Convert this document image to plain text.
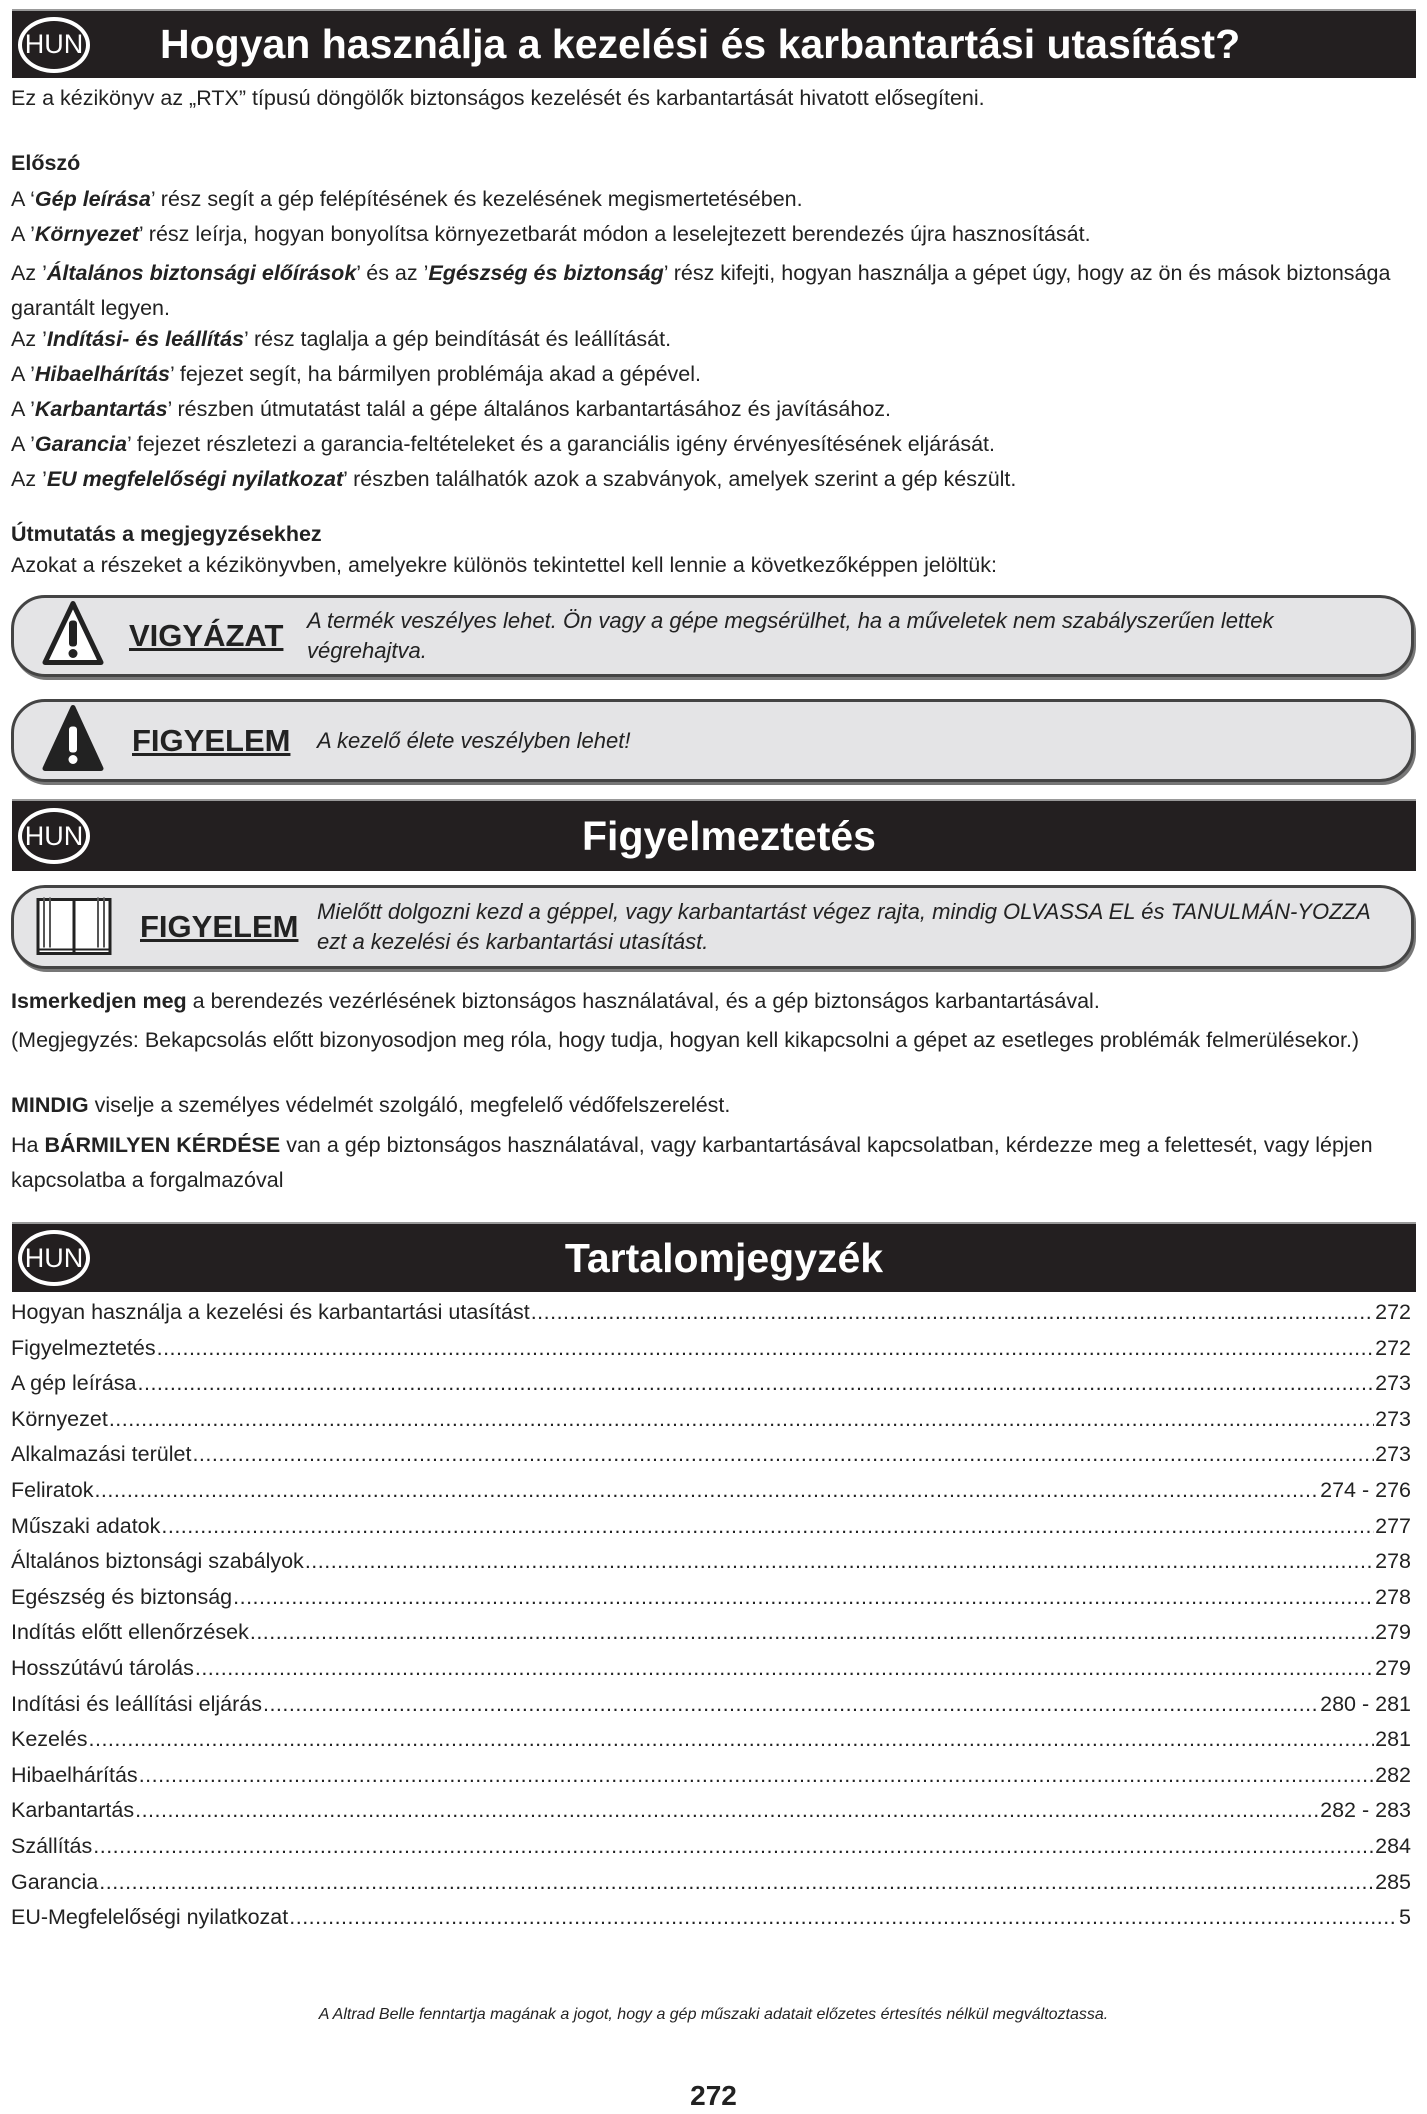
HUN Hogyan használja a kezelési és karbantartási utasítást?
Ez a kézikönyv az „RTX” típusú döngölők biztonságos kezelését és karbantartását hivatott elősegíteni.
Előszó
A ‘Gép leírása’ rész segít a gép felépítésének és kezelésének megismertetésében.
A ’Környezet’ rész leírja, hogyan bonyolítsa környezetbarát módon a leselejtezett berendezés újra hasznosítását.
Az ’Általános biztonsági előírások’ és az ’Egészség és biztonság’ rész kifejti, hogyan használja a gépet úgy, hogy az ön és mások biztonsága garantált legyen.
Az ’Indítási- és leállítás’ rész taglalja a gép beindítását és leállítását.
A ’Hibaelhárítás’ fejezet segít, ha bármilyen problémája akad a gépével.
A ’Karbantartás’ részben útmutatást talál a gépe általános karbantartásához és javításához.
A ’Garancia’ fejezet részletezi a garancia-feltételeket és a garanciális igény érvényesítésének eljárását.
Az ’EU megfelelőségi nyilatkozat’ részben találhatók azok a szabványok, amelyek szerint a gép készült.
Útmutatás a megjegyzésekhez
Azokat a részeket a kézikönyvben, amelyekre különös tekintettel kell lennie a következőképpen jelöltük:
VIGYÁZAT A termék veszélyes lehet. Ön vagy a gépe megsérülhet, ha a műveletek nem szabályszerűen lettek végrehajtva.
FIGYELEM A kezelő élete veszélyben lehet!
HUN	Figyelmeztetés
FIGYELEM Mielőtt dolgozni kezd a géppel, vagy karbantartást végez rajta, mindig OLVASSA EL és TANULMÁN-YOZZA ezt a kezelési és karbantartási utasítást.
Ismerkedjen meg a berendezés vezérlésének biztonságos használatával, és a gép biztonságos karbantartásával.
(Megjegyzés: Bekapcsolás előtt bizonyosodjon meg róla, hogy tudja, hogyan kell kikapcsolni a gépet az esetleges problémák felmerülésekor.)
MINDIG viselje a személyes védelmét szolgáló, megfelelő védőfelszerelést.
Ha BÁRMILYEN KÉRDÉSE van a gép biztonságos használatával, vagy karbantartásával kapcsolatban, kérdezze meg a felettesét, vagy lépjen kapcsolatba a forgalmazóval
HUN	Tartalomjegyzék
Hogyan használja a kezelési és karbantartási utasítást .....	272
Figyelmeztetés .....	272
A gép leírása .....	273
Környezet .....	273
Alkalmazási terület .....	273
Feliratok .....	274 - 276
Műszaki adatok .....	277
Általános biztonsági szabályok .....	278
Egészség és biztonság .....	278
Indítás előtt ellenőrzések .....	279
Hosszútávú tárolás .....	279
Indítási és leállítási eljárás .....	280 - 281
Kezelés .....	281
Hibaelhárítás .....	282
Karbantartás .....	282 - 283
Szállítás .....	284
Garancia .....	285
EU-Megfelelőségi nyilatkozat .....	5
A Altrad Belle fenntartja magának a jogot, hogy a gép műszaki adatait előzetes értesítés nélkül megváltoztassa.
272
